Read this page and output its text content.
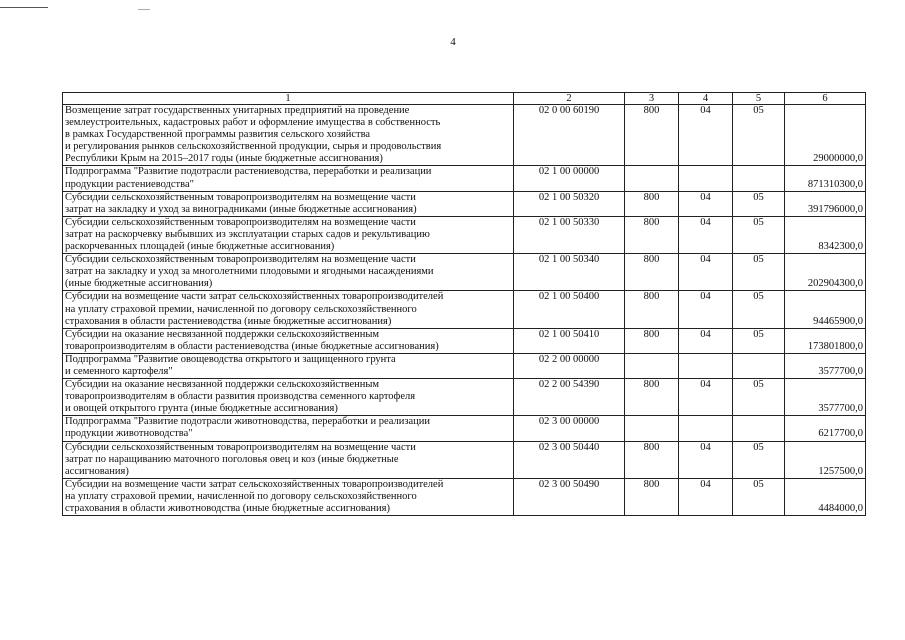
4
1	2	3	4	5	6
Возмещение затрат государственных унитарных предприятий на проведение
землеустроительных, кадастровых работ и оформление имущества в собственность
в рамках Государственной программы развития сельского хозяйства
и регулирования рынков сельскохозяйственной продукции, сырья и продовольствия
Республики Крым на 2015–2017 годы (иные бюджетные ассигнования)	02 0 00 60190	800	04	05	29000000,0
Подпрограмма "Развитие подотрасли растениеводства, переработки и реализации
продукции растениеводства"	02 1 00 00000				871310300,0
Субсидии сельскохозяйственным товаропроизводителям на возмещение части
затрат на закладку и уход за виноградниками (иные бюджетные ассигнования)	02 1 00 50320	800	04	05	391796000,0
Субсидии сельскохозяйственным товаропроизводителям на возмещение части
затрат на раскорчевку выбывших из эксплуатации старых садов и рекультивацию
раскорчеванных площадей (иные бюджетные ассигнования)	02 1 00 50330	800	04	05	8342300,0
Субсидии сельскохозяйственным товаропроизводителям на возмещение части
затрат на закладку и уход за многолетними плодовыми и ягодными насаждениями
(иные бюджетные ассигнования)	02 1 00 50340	800	04	05	202904300,0
Субсидии на возмещение части затрат сельскохозяйственных товаропроизводителей
на уплату страховой премии, начисленной по договору сельскохозяйственного
страхования в области растениеводства (иные бюджетные ассигнования)	02 1 00 50400	800	04	05	94465900,0
Субсидии на оказание несвязанной поддержки сельскохозяйственным
товаропроизводителям в области растениеводства (иные бюджетные ассигнования)	02 1 00 50410	800	04	05	173801800,0
Подпрограмма "Развитие овощеводства открытого и защищенного грунта
и семенного картофеля"	02 2 00 00000				3577700,0
Субсидии на оказание несвязанной поддержки сельскохозяйственным
товаропроизводителям в области развития производства семенного картофеля
и овощей открытого грунта (иные бюджетные ассигнования)	02 2 00 54390	800	04	05	3577700,0
Подпрограмма "Развитие подотрасли животноводства, переработки и реализации
продукции животноводства"	02 3 00 00000				6217700,0
Субсидии сельскохозяйственным товаропроизводителям на возмещение части
затрат по наращиванию маточного поголовья овец и коз (иные бюджетные
ассигнования)	02 3 00 50440	800	04	05	1257500,0
Субсидии на возмещение части затрат сельскохозяйственных товаропроизводителей
на уплату страховой премии, начисленной по договору сельскохозяйственного
страхования в области животноводства (иные бюджетные ассигнования)	02 3 00 50490	800	04	05	4484000,0
